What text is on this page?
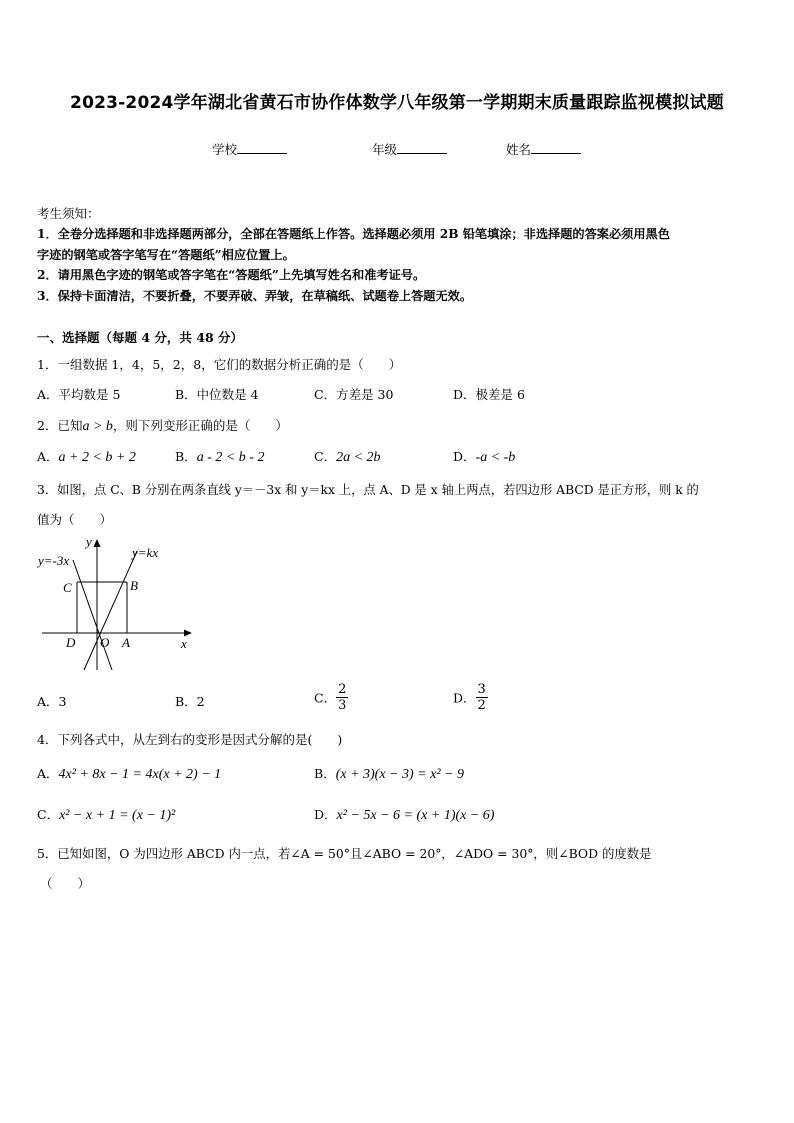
2023-2024学年湖北省黄石市协作体数学八年级第一学期期末质量跟踪监视模拟试题
学校	年级	姓名
考生须知：
1．全卷分选择题和非选择题两部分，全部在答题纸上作答。选择题必须用 2B 铅笔填涂；非选择题的答案必须用黑色
字迹的钢笔或答字笔写在“答题纸”相应位置上。
2．请用黑色字迹的钢笔或答字笔在“答题纸”上先填写姓名和准考证号。
3．保持卡面清洁，不要折叠，不要弄破、弄皱，在草稿纸、试题卷上答题无效。
一、选择题（每题 4 分，共 48 分）
1．一组数据 1，4，5，2，8，它们的数据分析正确的是（　　）
A．平均数是 5	B．中位数是 4	C．方差是 30	D．极差是 6
2．已知a > b，则下列变形正确的是（　　）
A．a + 2 < b + 2	B．a - 2 < b - 2	C．2a < 2b	D．-a < -b
3．如图，点 C、B 分别在两条直线 y＝－3x 和 y＝kx 上，点 A、D 是 x 轴上两点，若四边形 ABCD 是正方形，则 k 的
值为（　　）
y
x
y=-3x
y=kx
C	B
D O A
A．3	B．2	C． $\frac{2}{3}$	D． $\frac{3}{2}$
4．下列各式中，从左到右的变形是因式分解的是(　　)
A．4x² + 8x − 1 = 4x(x + 2) − 1	B．(x + 3)(x − 3) = x² − 9
C．x² − x + 1 = (x − 1)²	D．x² − 5x − 6 = (x + 1)(x − 6)
5．已知如图，O 为四边形 ABCD 内一点，若∠A = 50°且∠ABO = 20°，∠ADO = 30°，则∠BOD 的度数是
（　　）
